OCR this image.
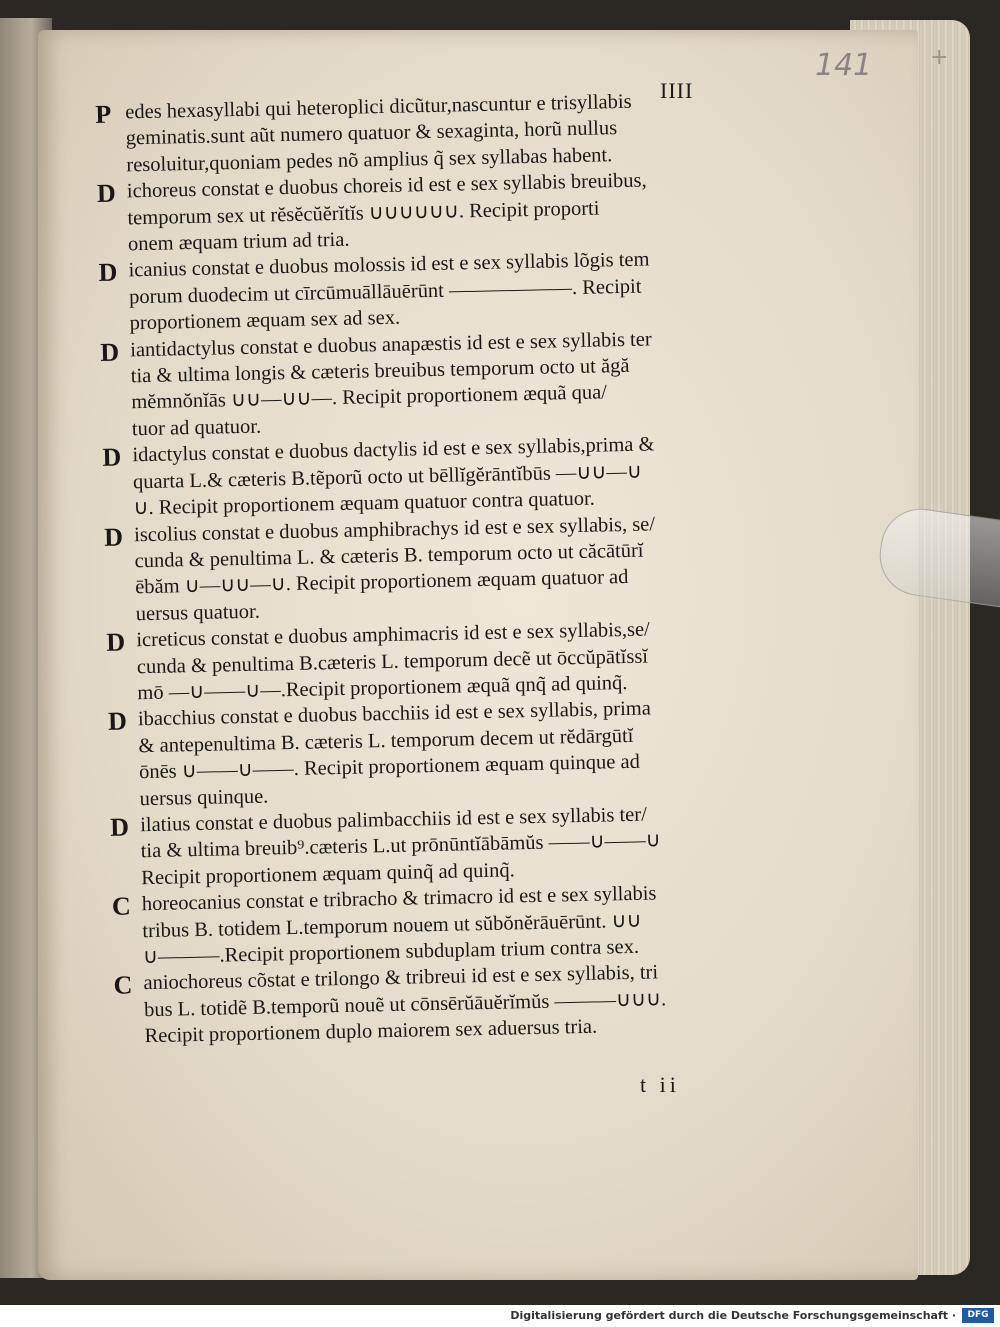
IIII
141	+
P edes hexasyllabi qui heteroplici dicũtur,nascuntur e trisyllabis
geminatis.sunt aũt numero quatuor & sexaginta, horũ nullus
resoluitur,quoniam pedes nõ amplius q̃ sex syllabas habent.
D ichoreus constat e duobus choreis id est e sex syllabis breuibus,
temporum sex ut rĕsĕcŭĕrĭtĭs ∪∪∪∪∪∪. Recipit proporti
onem æquam trium ad tria.
D icanius constat e duobus molossis id est e sex syllabis lõgis tem
porum duodecim ut cīrcūmuāllāuērūnt ——————. Recipit
proportionem æquam sex ad sex.
D iantidactylus constat e duobus anapæstis id est e sex syllabis ter
tia & ultima longis & cæteris breuibus temporum octo ut ăgă
mĕmnŏnĭās ∪∪—∪∪—. Recipit proportionem æquã qua/
tuor ad quatuor.
D idactylus constat e duobus dactylis id est e sex syllabis,prima &
quarta L.& cæteris B.tẽporũ octo ut bēllĭgĕrāntĭbūs —∪∪—∪
∪. Recipit proportionem æquam quatuor contra quatuor.
D iscolius constat e duobus amphibrachys id est e sex syllabis, se/
cunda & penultima L. & cæteris B. temporum octo ut căcātūrĭ
ēbăm ∪—∪∪—∪. Recipit proportionem æquam quatuor ad
uersus quatuor.
D icreticus constat e duobus amphimacris id est e sex syllabis,se/
cunda & penultima B.cæteris L. temporum decẽ ut ōccŭpātĭssĭ
mō —∪——∪—.Recipit proportionem æquã qnq̃ ad quinq̃.
D ibacchius constat e duobus bacchiis id est e sex syllabis, prima
& antepenultima B. cæteris L. temporum decem ut rĕdārgūtĭ
ōnēs ∪——∪——. Recipit proportionem æquam quinque ad
uersus quinque.
D ilatius constat e duobus palimbacchiis id est e sex syllabis ter/
tia & ultima breuib⁹.cæteris L.ut prōnūntĭābāmŭs ——∪——∪
Recipit proportionem æquam quinq̃ ad quinq̃.
C horeocanius constat e tribracho & trimacro id est e sex syllabis
tribus B. totidem L.temporum nouem ut sŭbŏnĕrāuērūnt. ∪∪
∪———.Recipit proportionem subduplam trium contra sex.
C aniochoreus cõstat e trilongo & tribreui id est e sex syllabis, tri
bus L. totidẽ B.temporũ nouẽ ut cōnsērŭāuĕrĭmŭs ———∪∪∪.
Recipit proportionem duplo maiorem sex aduersus tria.
t ii
Digitalisierung gefördert durch die Deutsche Forschungsgemeinschaft ·	DFG
